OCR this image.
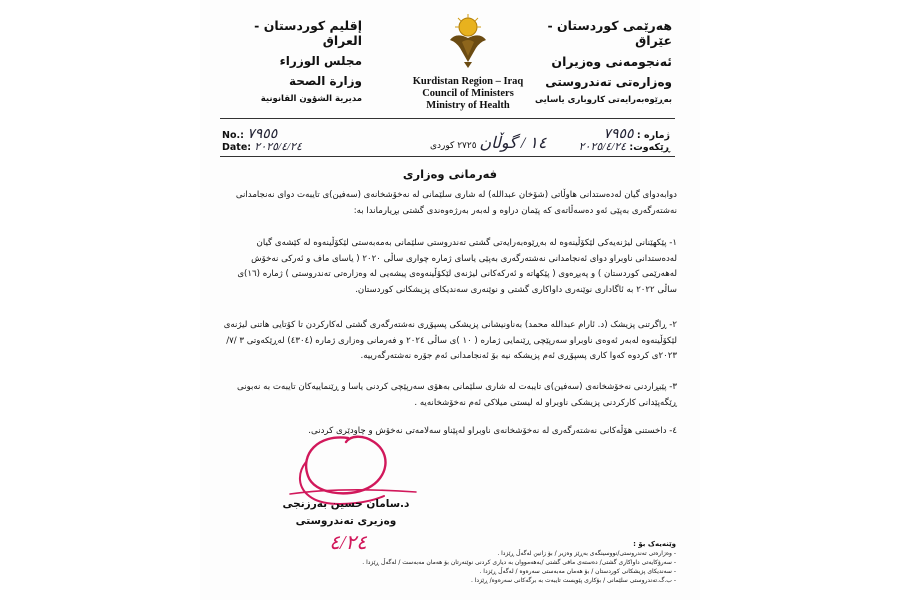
هەرێمی کوردستان - عێراق
ئەنجومەنی وەزیران
وەزارەتی تەندروستی
بەڕێوەبەرایەتی کاروباری یاسایی
إقليم كوردستان - العراق
مجلس الوزراء
وزارة الصحة
مديرية الشؤون القانونية
Kurdistan Region – Iraq
Council of Ministers
Ministry of Health
No.: ٧٩٥٥
Date: ٢٠٢٥/٤/٢٤	١٤ / گوڵان ٢٧٢٥ کوردی
ژمارە : ٧٩٥٥
ڕێکەوت: ٢٠٢٥/٤/٢٤
فەرمانی وەزاری
دوابەدوای گیان لەدەستدانی هاوڵاتی (شۆخان عبداللە) لە شاری سلێمانی لە نەخۆشخانەی (سەفین)ی تایبەت دوای نەنجامدانی نەشتەرگەری بەپێی ئەو دەسەڵاتەی کە پێمان دراوە و لەبەر بەرژەوەندی گشتی بڕیارماندا بە:
١- پێکهێنانی لیژنەیەکی لێکۆڵینەوە لە بەڕێوەبەرایەتی گشتی تەندروستی سلێمانی بەمەبەستی لێکۆڵینەوە لە کێشەی گیان لەدەستدانی ناوبراو دوای ئەنجامدانی نەشتەرگەری بەپێی یاسای ژمارە چواری ساڵی ٢٠٢٠ ( یاسای ماف و ئەرکی نەخۆش لەهەرێمی کوردستان ) و پەیڕەوی ( پێکهاتە و ئەرکەکانی لیژنەی لێکۆڵینەوەی پیشەیی لە وەزارەتی تەندروستی ) ژمارە (١٦)ی ساڵی ٢٠٢٢ بە ئاگاداری نوێنەری داواکاری گشتی و نوێنەری سەندیکای پزیشکانی کوردستان.
٢- ڕاگرتنی پزیشک (د. ئارام عبداللە محمد) بەناونیشانی پزیشکی پسپۆڕی نەشتەرگەری گشتی لەکارکردن تا کۆتایی هاتنی لیژنەی لێکۆڵینەوە لەبەر ئەوەی ناوبراو سەرپێچی ڕێنمایی ژمارە ( ١٠ )ی ساڵی ٢٠٢٤ و فەرمانی وەزاری ژمارە (٤٣٠٤) لەڕێکەوتی ٣ /٧/ ٢٠٢٣ی کردوە کەوا کاری پسپۆڕی ئەم پزیشکە نیە بۆ ئەنجامدانی ئەم جۆرە نەشتەرگەرییە.
٣- پێبڕاردنی نەخۆشخانەی (سەفین)ی تایبەت لە شاری سلێمانی بەهۆی سەرپێچی کردنی یاسا و ڕێنماییەکان تایبەت بە نەبونی ڕێگەپێدانی کارکردنی پزیشکی ناوبراو لە لیستی میلاکی ئەم نەخۆشخانەیە .
٤- داخستنی هۆڵەکانی نەشتەرگەری لە نەخۆشخانەی ناوبراو لەپێناو سەلامەتی نەخۆش و چاودێری کردنی.
د.سامان حسين بەرزنجی
وەزیری تەندروستی
٤/٢٤	وێنەیەک بۆ :
- وەزارەتی تەندروستی/نووسینگەی بەڕێز وەزیر / بۆ زانین لەگەڵ ڕێزدا .
- سەرۆکایەتی داواکاری گشتی/ دەستەی مافی گشتی /بەهەمووان بە دیاری کردنی نوێنەرتان بۆ هەمان مەبەست / لەگەڵ ڕێزدا .
- سەندیکای پزیشکانی کوردستان / بۆ هەمان مەبەستی سەرەوە / لەگەڵ ڕێزدا .
- ب.گ.تەندروستی سلێمانی / بۆکاری پێویست تایبەت بە برگەکانی سەرەوە/ ڕێزدا .
